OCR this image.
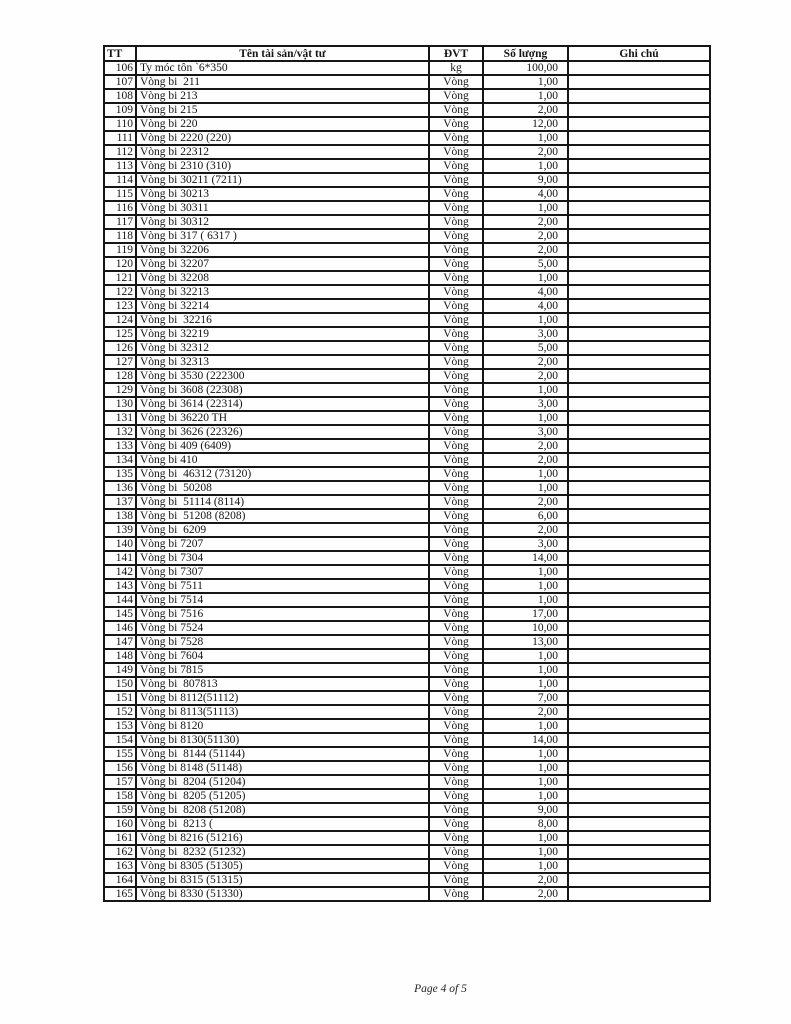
TT	Tên tài sản/vật tư	ĐVT	Số lượng	Ghi chú
106	Ty móc tôn `6*350	kg	100,00	
107	Vòng bi  211	Vòng	1,00	
108	Vòng bi 213	Vòng	1,00	
109	Vòng bi 215	Vòng	2,00	
110	Vòng bi 220	Vòng	12,00	
111	Vòng bi 2220 (220)	Vòng	1,00	
112	Vòng bi 22312	Vòng	2,00	
113	Vòng bi 2310 (310)	Vòng	1,00	
114	Vòng bi 30211 (7211)	Vòng	9,00	
115	Vòng bi 30213	Vòng	4,00	
116	Vòng bi 30311	Vòng	1,00	
117	Vòng bi 30312	Vòng	2,00	
118	Vòng bi 317 ( 6317 )	Vòng	2,00	
119	Vòng bi 32206	Vòng	2,00	
120	Vòng bi 32207	Vòng	5,00	
121	Vòng bi 32208	Vòng	1,00	
122	Vòng bi 32213	Vòng	4,00	
123	Vòng bi 32214	Vòng	4,00	
124	Vòng bi  32216	Vòng	1,00	
125	Vòng bi 32219	Vòng	3,00	
126	Vòng bi 32312	Vòng	5,00	
127	Vòng bi 32313	Vòng	2,00	
128	Vòng bi 3530 (222300	Vòng	2,00	
129	Vòng bi 3608 (22308)	Vòng	1,00	
130	Vòng bi 3614 (22314)	Vòng	3,00	
131	Vòng bi 36220 TH	Vòng	1,00	
132	Vòng bi 3626 (22326)	Vòng	3,00	
133	Vòng bi 409 (6409)	Vòng	2,00	
134	Vòng bi 410	Vòng	2,00	
135	Vòng bi  46312 (73120)	Vòng	1,00	
136	Vòng bi  50208	Vòng	1,00	
137	Vòng bi  51114 (8114)	Vòng	2,00	
138	Vòng bi  51208 (8208)	Vòng	6,00	
139	Vòng bi  6209	Vòng	2,00	
140	Vòng bi 7207	Vòng	3,00	
141	Vòng bi 7304	Vòng	14,00	
142	Vòng bi 7307	Vòng	1,00	
143	Vòng bi 7511	Vòng	1,00	
144	Vòng bi 7514	Vòng	1,00	
145	Vòng bi 7516	Vòng	17,00	
146	Vòng bi 7524	Vòng	10,00	
147	Vòng bi 7528	Vòng	13,00	
148	Vòng bi 7604	Vòng	1,00	
149	Vòng bi 7815	Vòng	1,00	
150	Vòng bi  807813	Vòng	1,00	
151	Vòng bi 8112(51112)	Vòng	7,00	
152	Vòng bi 8113(51113)	Vòng	2,00	
153	Vòng bi 8120	Vòng	1,00	
154	Vòng bi 8130(51130)	Vòng	14,00	
155	Vòng bi  8144 (51144)	Vòng	1,00	
156	Vòng bi 8148 (51148)	Vòng	1,00	
157	Vòng bi  8204 (51204)	Vòng	1,00	
158	Vòng bi  8205 (51205)	Vòng	1,00	
159	Vòng bi  8208 (51208)	Vòng	9,00	
160	Vòng bi  8213 (	Vòng	8,00	
161	Vòng bi 8216 (51216)	Vòng	1,00	
162	Vòng bi  8232 (51232)	Vòng	1,00	
163	Vòng bi 8305 (51305)	Vòng	1,00	
164	Vòng bi 8315 (51315)	Vòng	2,00	
165	Vòng bi 8330 (51330)	Vòng	2,00	
Page 4 of 5
